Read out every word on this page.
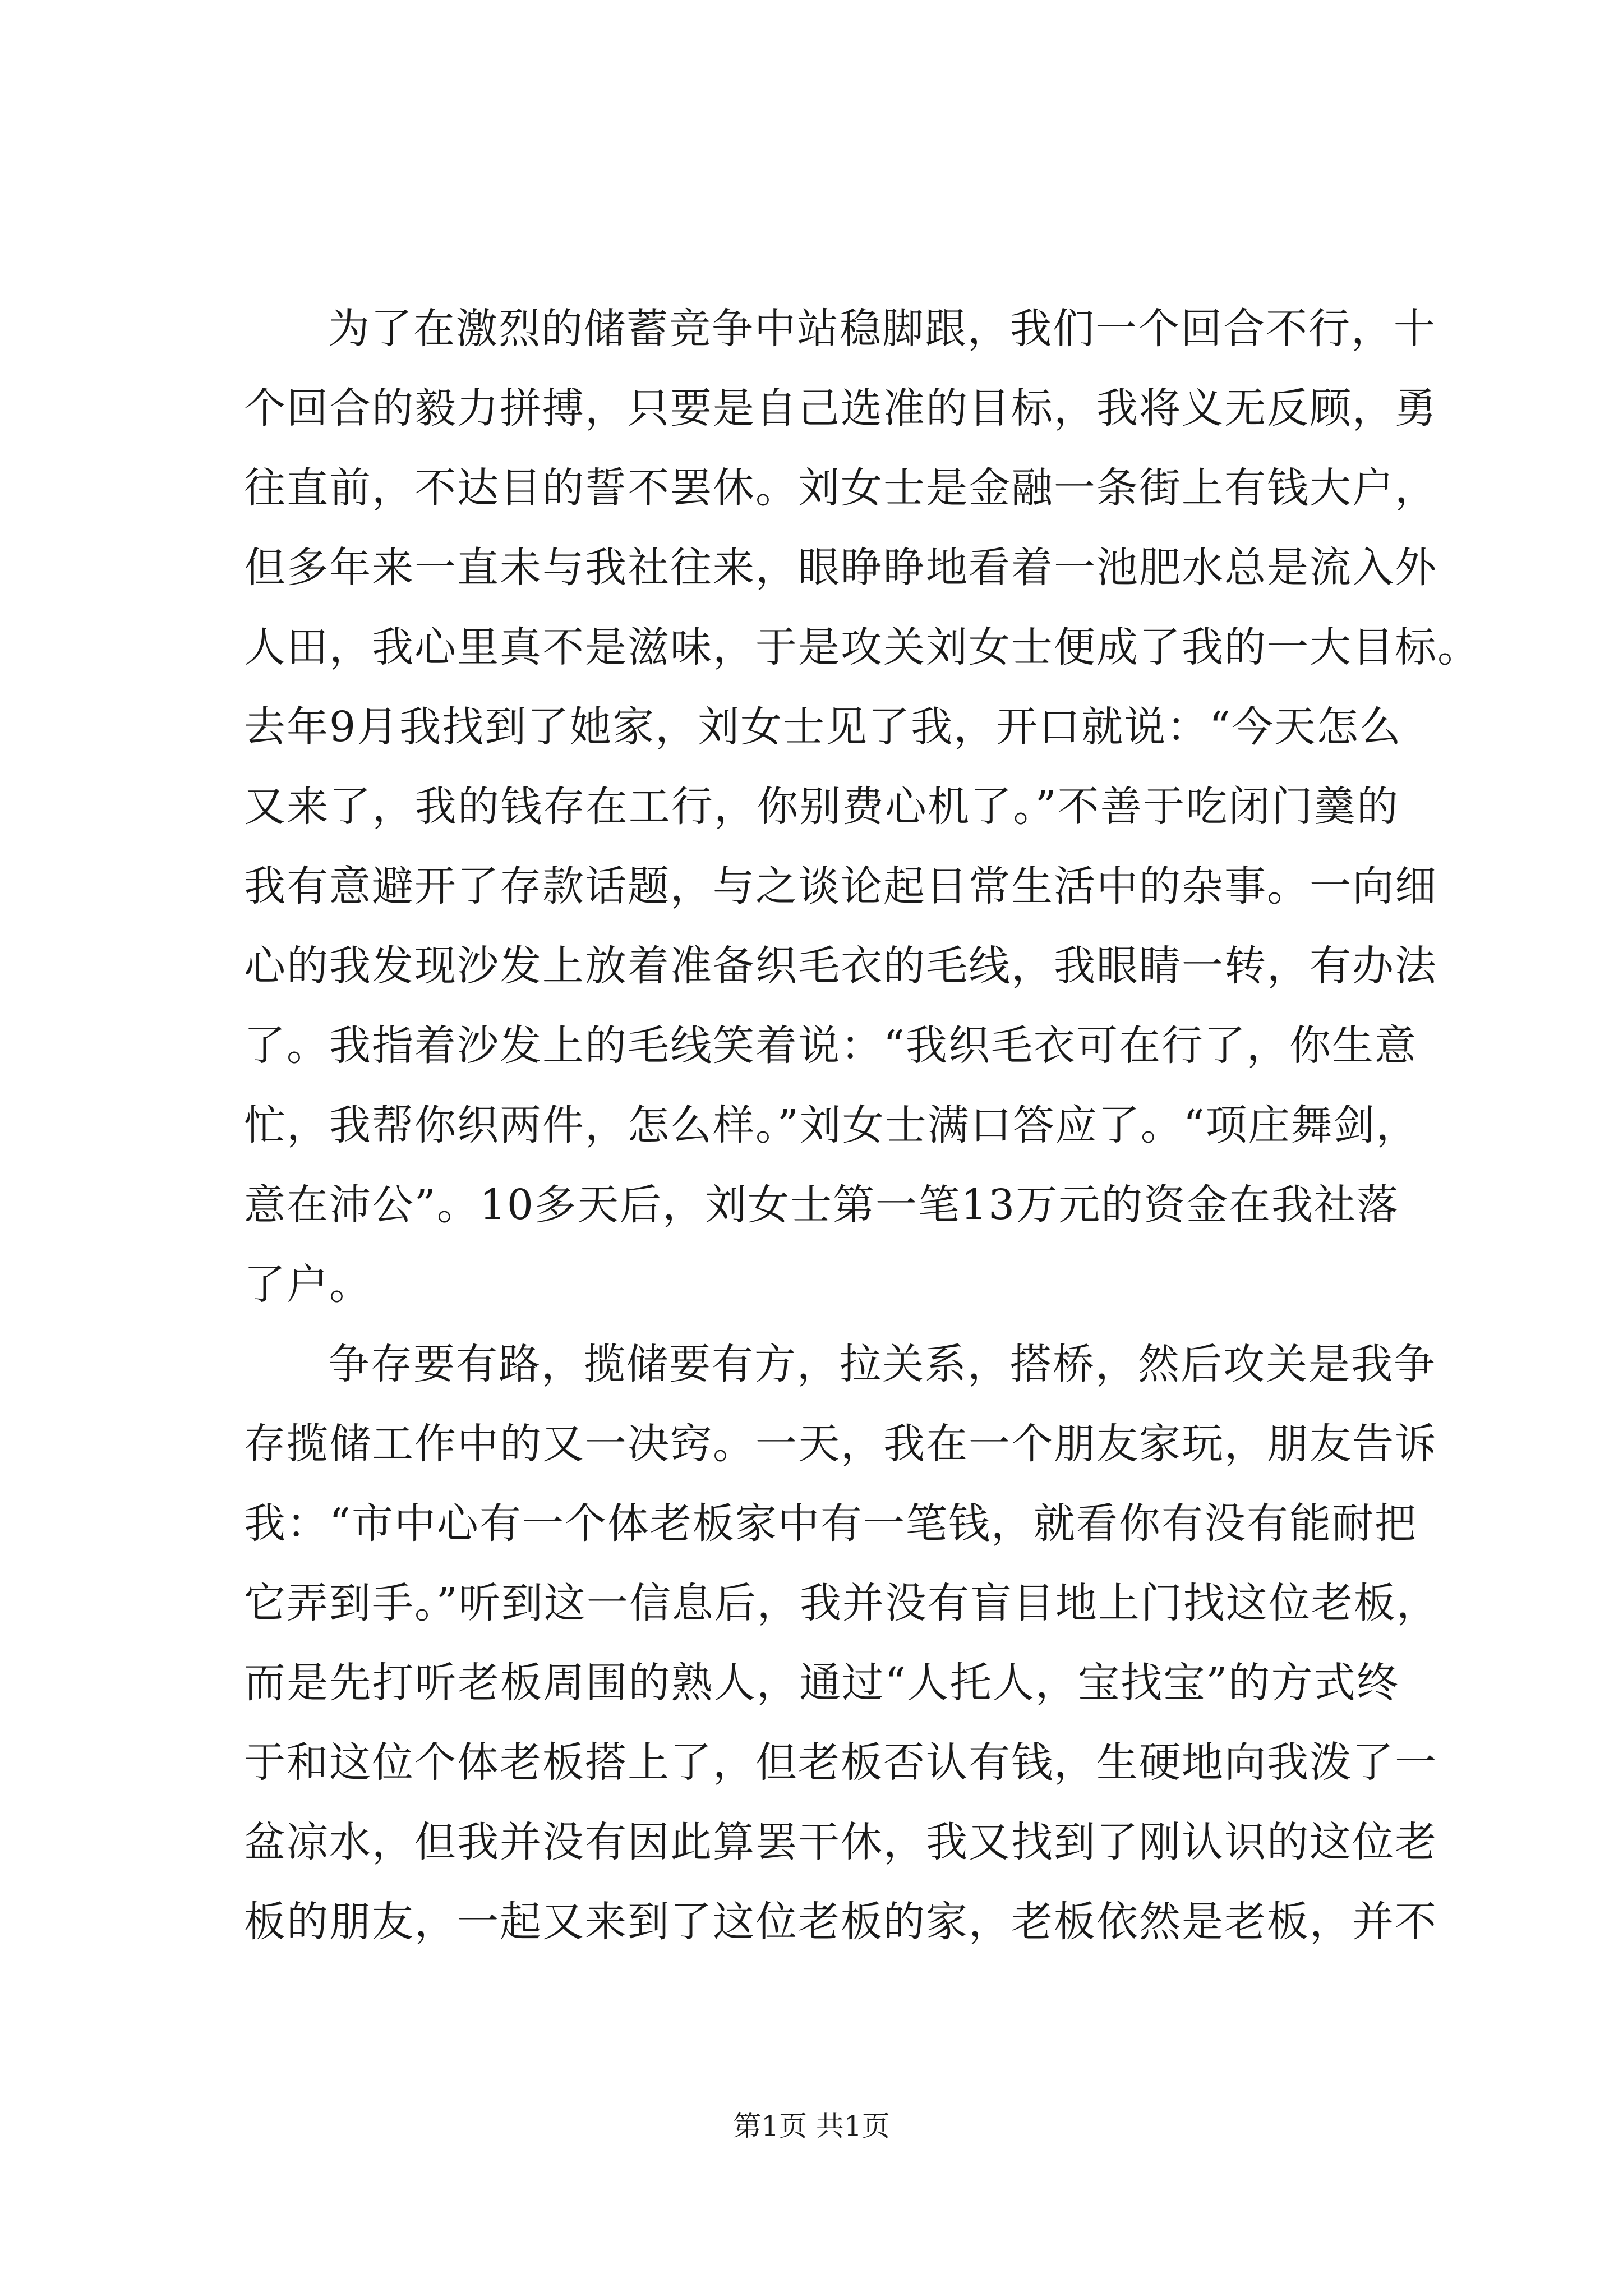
为了在激烈的储蓄竞争中站稳脚跟，我们一个回合不行，十
个回合的毅力拼搏，只要是自己选准的目标，我将义无反顾，勇
往直前，不达目的誓不罢休。刘女士是金融一条街上有钱大户，
但多年来一直未与我社往来，眼睁睁地看着一池肥水总是流入外
人田，我心里真不是滋味，于是攻关刘女士便成了我的一大目标。
去年9月我找到了她家，刘女士见了我，开口就说：“今天怎么
又来了，我的钱存在工行，你别费心机了。”不善于吃闭门羹的
我有意避开了存款话题，与之谈论起日常生活中的杂事。一向细
心的我发现沙发上放着准备织毛衣的毛线，我眼睛一转，有办法
了。我指着沙发上的毛线笑着说：“我织毛衣可在行了，你生意
忙，我帮你织两件，怎么样。”刘女士满口答应了。“项庄舞剑，
意在沛公”。10多天后，刘女士第一笔13万元的资金在我社落
了户。
争存要有路，揽储要有方，拉关系，搭桥，然后攻关是我争
存揽储工作中的又一决窍。一天，我在一个朋友家玩，朋友告诉
我：“市中心有一个体老板家中有一笔钱，就看你有没有能耐把
它弄到手。”听到这一信息后，我并没有盲目地上门找这位老板，
而是先打听老板周围的熟人，通过“人托人，宝找宝”的方式终
于和这位个体老板搭上了，但老板否认有钱，生硬地向我泼了一
盆凉水，但我并没有因此算罢干休，我又找到了刚认识的这位老
板的朋友，一起又来到了这位老板的家，老板依然是老板，并不
第1页 共1页
